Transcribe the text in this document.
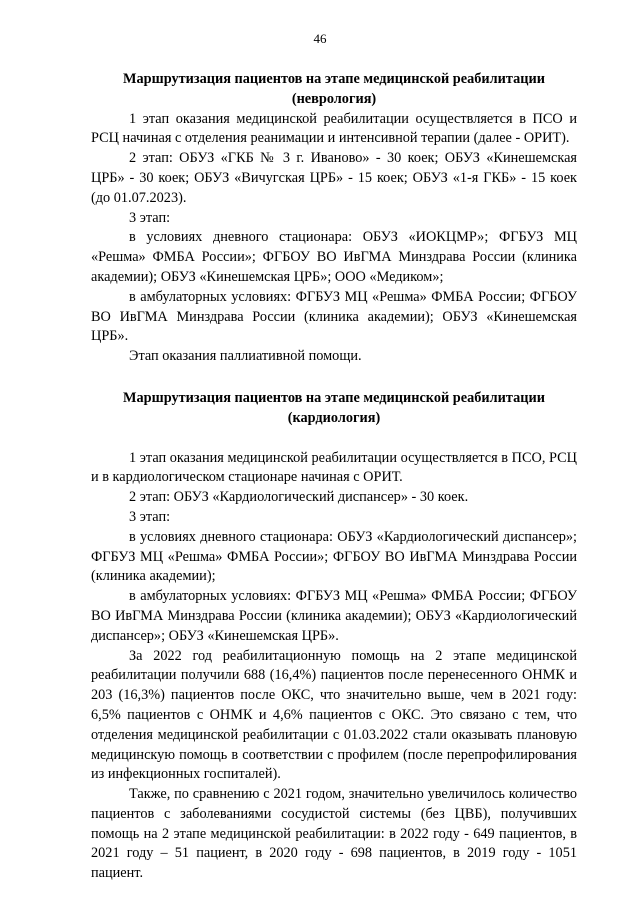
46
Маршрутизация пациентов на этапе медицинской реабилитации
(неврология)

1 этап оказания медицинской реабилитации осуществляется в ПСО и РСЦ начиная с отделения реанимации и интенсивной терапии (далее - ОРИТ).

2 этап: ОБУЗ «ГКБ № 3 г. Иваново» - 30 коек; ОБУЗ «Кинешемская ЦРБ» - 30 коек; ОБУЗ «Вичугская ЦРБ» - 15 коек; ОБУЗ «1-я ГКБ» - 15 коек (до 01.07.2023).

3 этап:

в условиях дневного стационара: ОБУЗ «ИОКЦМР»; ФГБУЗ МЦ «Решма» ФМБА России»; ФГБОУ ВО ИвГМА Минздрава России (клиника академии); ОБУЗ «Кинешемская ЦРБ»; ООО «Медиком»;

в амбулаторных условиях: ФГБУЗ МЦ «Решма» ФМБА России; ФГБОУ ВО ИвГМА Минздрава России (клиника академии); ОБУЗ «Кинешемская ЦРБ».

Этап оказания паллиативной помощи.

Маршрутизация пациентов на этапе медицинской реабилитации
(кардиология)

1 этап оказания медицинской реабилитации осуществляется в ПСО, РСЦ и в кардиологическом стационаре начиная с ОРИТ.

2 этап: ОБУЗ «Кардиологический диспансер» - 30 коек.

3 этап:

в условиях дневного стационара: ОБУЗ «Кардиологический диспансер»; ФГБУЗ МЦ «Решма» ФМБА России»; ФГБОУ ВО ИвГМА Минздрава России (клиника академии);

в амбулаторных условиях: ФГБУЗ МЦ «Решма» ФМБА России; ФГБОУ ВО ИвГМА Минздрава России (клиника академии); ОБУЗ «Кардиологический диспансер»; ОБУЗ «Кинешемская ЦРБ».

За 2022 год реабилитационную помощь на 2 этапе медицинской реабилитации получили 688 (16,4%) пациентов после перенесенного ОНМК и 203 (16,3%) пациентов после ОКС, что значительно выше, чем в 2021 году: 6,5% пациентов с ОНМК и 4,6% пациентов с ОКС. Это связано с тем, что отделения медицинской реабилитации с 01.03.2022 стали оказывать плановую медицинскую помощь в соответствии с профилем (после перепрофилирования из инфекционных госпиталей).

Также, по сравнению с 2021 годом, значительно увеличилось количество пациентов с заболеваниями сосудистой системы (без ЦВБ), получивших помощь на 2 этапе медицинской реабилитации: в 2022 году - 649 пациентов, в 2021 году – 51 пациент, в 2020 году - 698 пациентов, в 2019 году - 1051 пациент.
